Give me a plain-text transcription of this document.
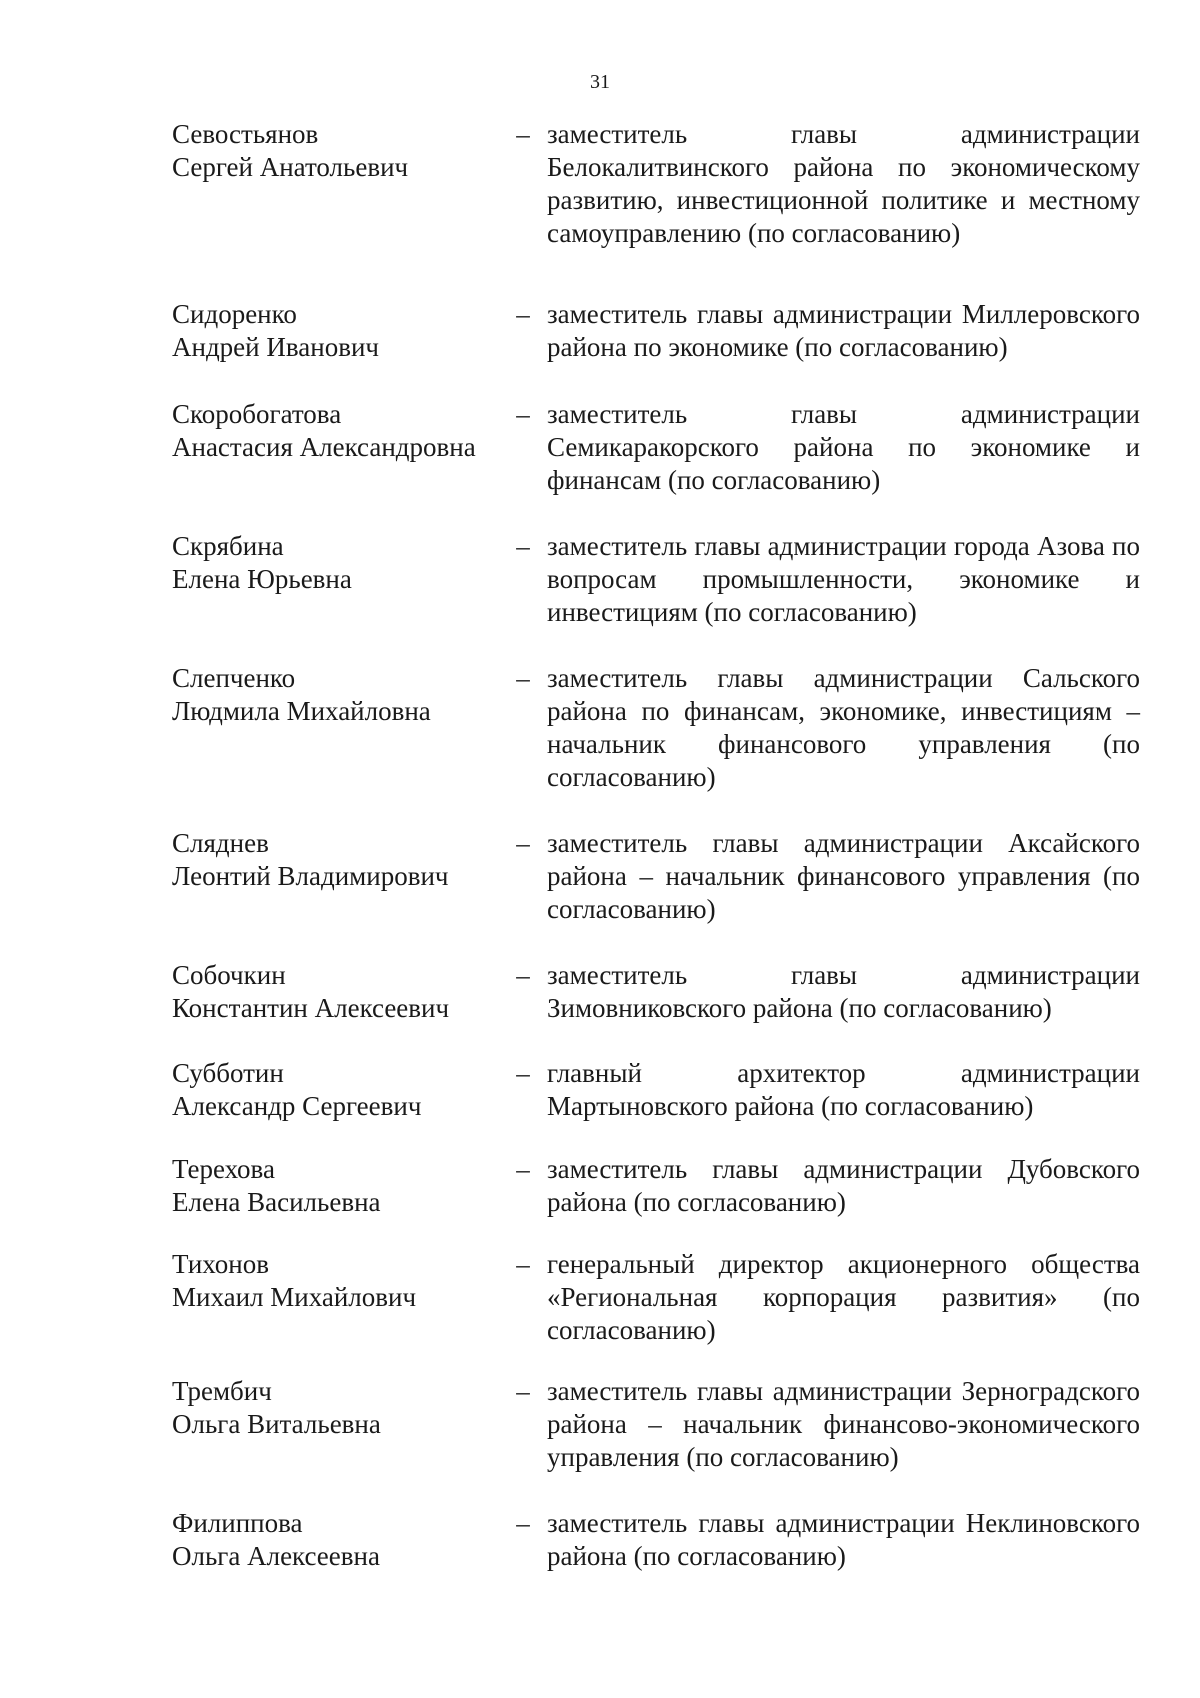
31
Севостьянов
Сергей Анатольевич
– заместитель главы администрации Белокалитвинского района по экономическому развитию, инвестиционной политике и местному самоуправлению (по согласованию)
Сидоренко
Андрей Иванович
– заместитель главы администрации Миллеровского района по экономике (по согласованию)
Скоробогатова
Анастасия Александровна
– заместитель главы администрации Семикаракорского района по экономике и финансам (по согласованию)
Скрябина
Елена Юрьевна
– заместитель главы администрации города Азова по вопросам промышленности, экономике и инвестициям (по согласованию)
Слепченко
Людмила Михайловна
– заместитель главы администрации Сальского района по финансам, экономике, инвестициям – начальник финансового управления (по согласованию)
Сляднев
Леонтий Владимирович
– заместитель главы администрации Аксайского района – начальник финансового управления (по согласованию)
Собочкин
Константин Алексеевич
– заместитель главы администрации Зимовниковского района (по согласованию)
Субботин
Александр Сергеевич
– главный архитектор администрации Мартыновского района (по согласованию)
Терехова
Елена Васильевна
– заместитель главы администрации Дубовского района (по согласованию)
Тихонов
Михаил Михайлович
– генеральный директор акционерного общества «Региональная корпорация развития» (по согласованию)
Трембич
Ольга Витальевна
– заместитель главы администрации Зерноградского района – начальник финансово-экономического управления (по согласованию)
Филиппова
Ольга Алексеевна
– заместитель главы администрации Неклиновского района (по согласованию)
